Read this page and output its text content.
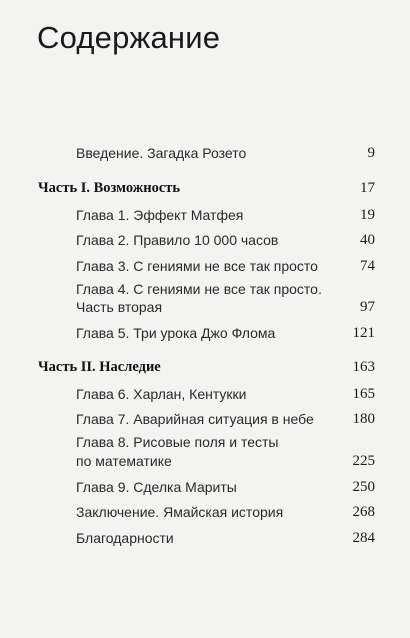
Содержание
Введение. Загадка Розето	9
Часть I. Возможность	17
Глава 1. Эффект Матфея	19
Глава 2. Правило 10 000 часов	40
Глава 3. С гениями не все так просто	74
Глава 4. С гениями не все так просто.
Часть вторая	97
Глава 5. Три урока Джо Флома	121
Часть II. Наследие	163
Глава 6. Харлан, Кентукки	165
Глава 7. Аварийная ситуация в небе	180
Глава 8. Рисовые поля и тесты
по математике	225
Глава 9. Сделка Мариты	250
Заключение. Ямайская история	268
Благодарности	284
